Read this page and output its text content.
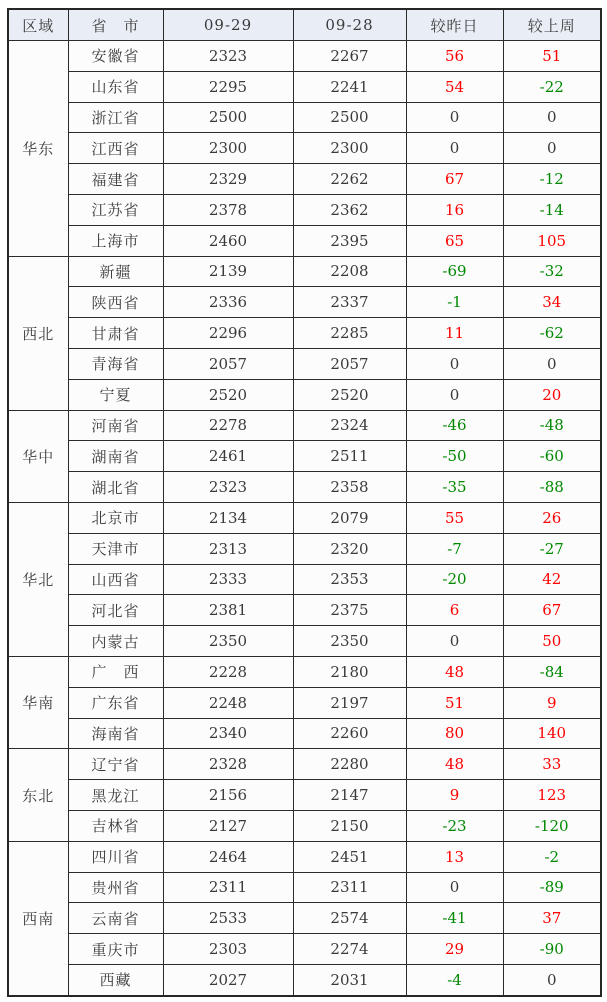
区域	省　市	09-29	09-28	较昨日	较上周
华东	安徽省	2323	2267	56	51
	山东省	2295	2241	54	-22
	浙江省	2500	2500	0	0
	江西省	2300	2300	0	0
	福建省	2329	2262	67	-12
	江苏省	2378	2362	16	-14
	上海市	2460	2395	65	105
西北	新疆	2139	2208	-69	-32
	陕西省	2336	2337	-1	34
	甘肃省	2296	2285	11	-62
	青海省	2057	2057	0	0
	宁夏	2520	2520	0	20
华中	河南省	2278	2324	-46	-48
	湖南省	2461	2511	-50	-60
	湖北省	2323	2358	-35	-88
华北	北京市	2134	2079	55	26
	天津市	2313	2320	-7	-27
	山西省	2333	2353	-20	42
	河北省	2381	2375	6	67
	内蒙古	2350	2350	0	50
华南	广　西	2228	2180	48	-84
	广东省	2248	2197	51	9
	海南省	2340	2260	80	140
东北	辽宁省	2328	2280	48	33
	黑龙江	2156	2147	9	123
	吉林省	2127	2150	-23	-120
西南	四川省	2464	2451	13	-2
	贵州省	2311	2311	0	-89
	云南省	2533	2574	-41	37
	重庆市	2303	2274	29	-90
	西藏	2027	2031	-4	0
